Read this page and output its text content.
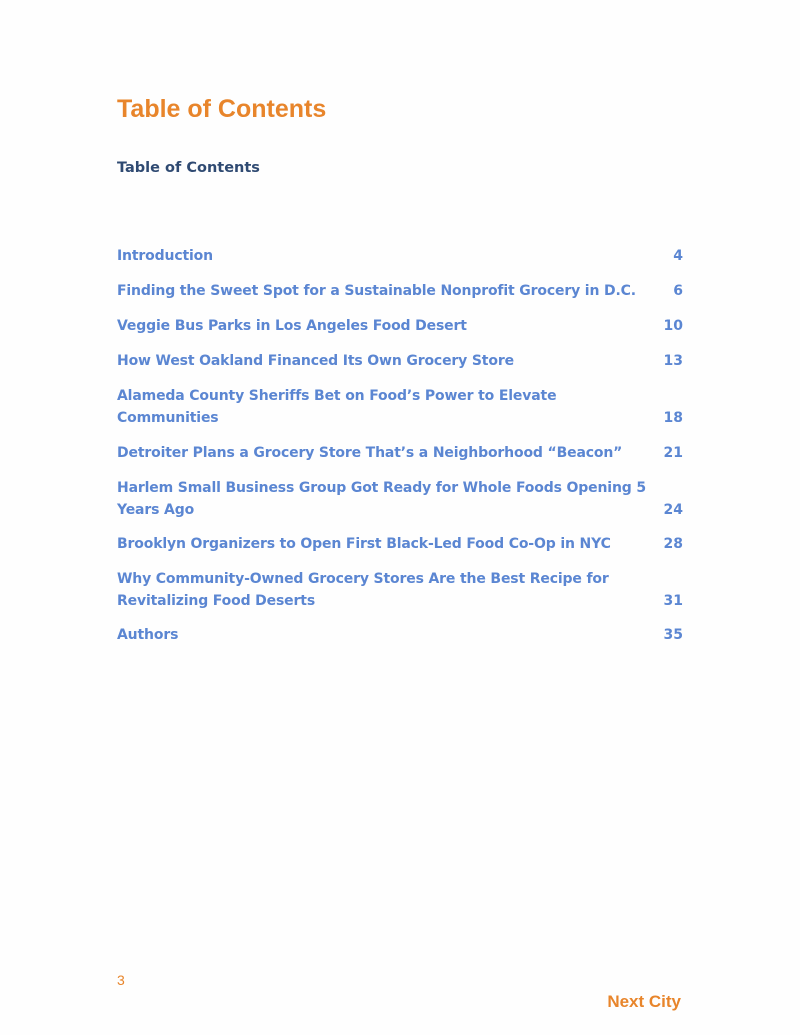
Table of Contents
Table of Contents
Introduction	4
Finding the Sweet Spot for a Sustainable Nonprofit Grocery in D.C.	6
Veggie Bus Parks in Los Angeles Food Desert	10
How West Oakland Financed Its Own Grocery Store	13
Alameda County Sheriffs Bet on Food’s Power to Elevate Communities	18
Detroiter Plans a Grocery Store That’s a Neighborhood “Beacon”	21
Harlem Small Business Group Got Ready for Whole Foods Opening 5 Years Ago	24
Brooklyn Organizers to Open First Black-Led Food Co-Op in NYC	28
Why Community-Owned Grocery Stores Are the Best Recipe for Revitalizing Food Deserts	31
Authors	35
3
Next City
